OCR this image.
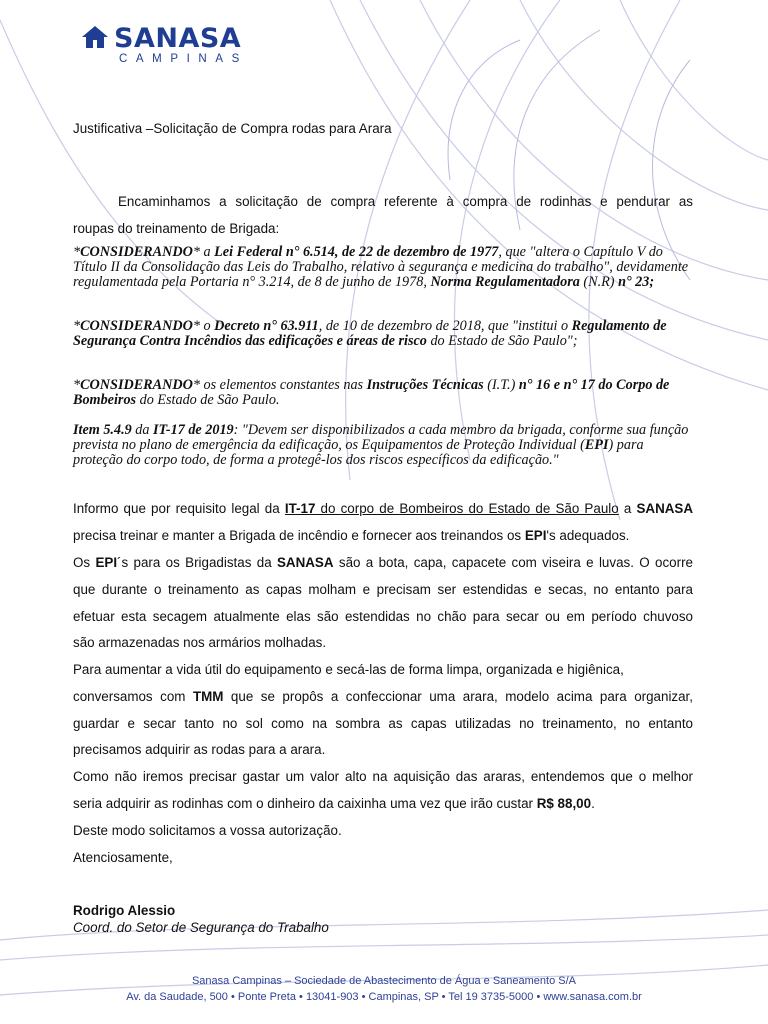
SANASA
CAMPINAS
Justificativa –Solicitação de Compra rodas para Arara
Encaminhamos a solicitação de compra referente à compra de rodinhas e pendurar as
roupas do treinamento de Brigada:
*CONSIDERANDO* a Lei Federal n° 6.514, de 22 de dezembro de 1977, que "altera o Capítulo V do Título II da Consolidação das Leis do Trabalho, relativo à segurança e medicina do trabalho", devidamente regulamentada pela Portaria n° 3.214, de 8 de junho de 1978, Norma Regulamentadora (N.R) n° 23;
*CONSIDERANDO* o Decreto n° 63.911, de 10 de dezembro de 2018, que "institui o Regulamento de Segurança Contra Incêndios das edificações e áreas de risco do Estado de São Paulo";
*CONSIDERANDO* os elementos constantes nas Instruções Técnicas (I.T.) n° 16 e n° 17 do Corpo de Bombeiros do Estado de São Paulo.
Item 5.4.9 da IT-17 de 2019: "Devem ser disponibilizados a cada membro da brigada, conforme sua função prevista no plano de emergência da edificação, os Equipamentos de Proteção Individual (EPI) para proteção do corpo todo, de forma a protegê-los dos riscos específicos da edificação."
Informo que por requisito legal da IT-17 do corpo de Bombeiros do Estado de São Paulo a SANASA
precisa treinar e manter a Brigada de incêndio e fornecer aos treinandos os EPI's adequados.
Os EPI´s para os Brigadistas da SANASA são a bota, capa, capacete com viseira e luvas. O ocorre
que durante o treinamento as capas molham e precisam ser estendidas e secas, no entanto para
efetuar esta secagem atualmente elas são estendidas no chão para secar ou em período chuvoso
são armazenadas nos armários molhadas.
Para aumentar a vida útil do equipamento e secá-las de forma limpa, organizada e higiênica,
conversamos com TMM que se propôs a confeccionar uma arara, modelo acima para organizar,
guardar e secar tanto no sol como na sombra as capas utilizadas no treinamento, no entanto
precisamos adquirir as rodas para a arara.
Como não iremos precisar gastar um valor alto na aquisição das araras, entendemos que o melhor
seria adquirir as rodinhas com o dinheiro da caixinha uma vez que irão custar R$ 88,00.
Deste modo solicitamos a vossa autorização.
Atenciosamente,
Rodrigo Alessio
Coord. do Setor de Segurança do Trabalho
Sanasa Campinas – Sociedade de Abastecimento de Água e Saneamento S/A
Av. da Saudade, 500 • Ponte Preta • 13041-903 • Campinas, SP • Tel 19 3735-5000 • www.sanasa.com.br
